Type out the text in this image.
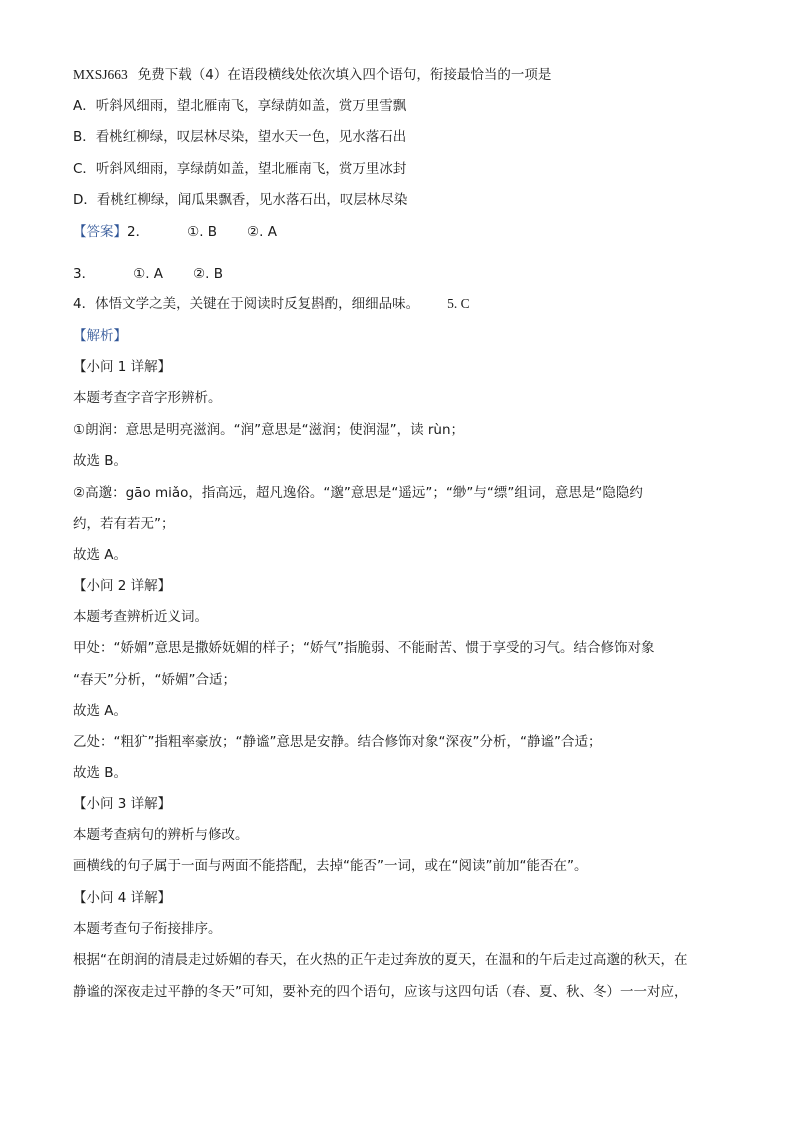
MXSJ663 免费下载（4）在语段横线处依次填入四个语句，衔接最恰当的一项是
A．听斜风细雨，望北雁南飞，享绿荫如盖，赏万里雪飘
B．看桃红柳绿，叹层林尽染，望水天一色，见水落石出
C．听斜风细雨，享绿荫如盖，望北雁南飞，赏万里冰封
D．看桃红柳绿，闻瓜果飘香，见水落石出，叹层林尽染
【答案】2．	①. B ②. A
3．	①. A ②. B
4．体悟文学之美，关键在于阅读时反复斟酌，细细品味。 5. C
【解析】
【小问 1 详解】
本题考查字音字形辨析。
①朗润：意思是明亮滋润。“润”意思是“滋润；使润湿”，读 rùn；
故选 B。
②高邈：gāo miǎo，指高远，超凡逸俗。“邈”意思是“遥远”；“缈”与“缥”组词，意思是“隐隐约
约，若有若无”；
故选 A。
【小问 2 详解】
本题考查辨析近义词。
甲处：“娇媚”意思是撒娇妩媚的样子；“娇气”指脆弱、不能耐苦、惯于享受的习气。结合修饰对象
“春天”分析，“娇媚”合适；
故选 A。
乙处：“粗犷”指粗率豪放；“静谧”意思是安静。结合修饰对象“深夜”分析，“静谧”合适；
故选 B。
【小问 3 详解】
本题考查病句的辨析与修改。
画横线的句子属于一面与两面不能搭配，去掉“能否”一词，或在“阅读”前加“能否在”。
【小问 4 详解】
本题考查句子衔接排序。
根据“在朗润的清晨走过娇媚的春天，在火热的正午走过奔放的夏天，在温和的午后走过高邈的秋天，在
静谧的深夜走过平静的冬天”可知，要补充的四个语句，应该与这四句话（春、夏、秋、冬）一一对应，
